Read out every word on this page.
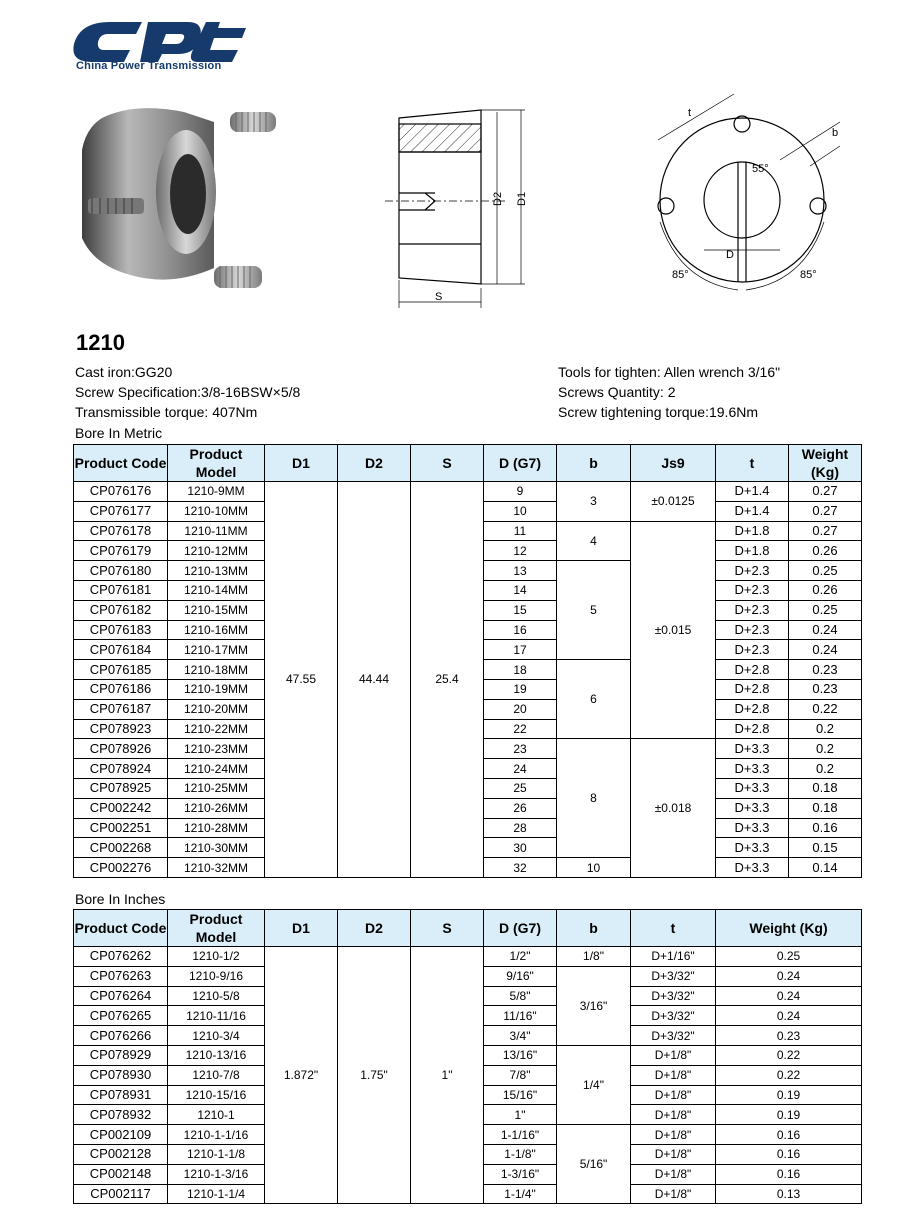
China Power Transmission
D2 D1
S
t
b
55°
D
85°	85°
1210
Cast iron:GG20
Screw Specification:3/8-16BSW×5/8
Transmissible torque: 407Nm
Tools for tighten: Allen wrench 3/16"
Screws Quantity: 2
Screw tightening torque:19.6Nm
Bore In Metric
Product Code	Product Model	D1	D2	S	D (G7)	b	Js9	t	Weight (Kg)
CP076176	1210-9MM	47.55	44.44	25.4	9	3	±0.0125	D+1.4	0.27
CP076177	1210-10MM				10			D+1.4	0.27
CP076178	1210-11MM				11	4	±0.015	D+1.8	0.27
CP076179	1210-12MM				12			D+1.8	0.26
CP076180	1210-13MM				13	5		D+2.3	0.25
CP076181	1210-14MM				14			D+2.3	0.26
CP076182	1210-15MM				15			D+2.3	0.25
CP076183	1210-16MM				16			D+2.3	0.24
CP076184	1210-17MM				17			D+2.3	0.24
CP076185	1210-18MM				18	6		D+2.8	0.23
CP076186	1210-19MM				19			D+2.8	0.23
CP076187	1210-20MM				20			D+2.8	0.22
CP078923	1210-22MM				22			D+2.8	0.2
CP078926	1210-23MM				23	8	±0.018	D+3.3	0.2
CP078924	1210-24MM				24			D+3.3	0.2
CP078925	1210-25MM				25			D+3.3	0.18
CP002242	1210-26MM				26			D+3.3	0.18
CP002251	1210-28MM				28			D+3.3	0.16
CP002268	1210-30MM				30			D+3.3	0.15
CP002276	1210-32MM				32	10		D+3.3	0.14
Bore In Inches
Product Code	Product Model	D1	D2	S	D (G7)	b	t	Weight (Kg)
CP076262	1210-1/2	1.872"	1.75"	1"	1/2"	1/8"	D+1/16"	0.25
CP076263	1210-9/16				9/16"	3/16"	D+3/32"	0.24
CP076264	1210-5/8				5/8"		D+3/32"	0.24
CP076265	1210-11/16				11/16"		D+3/32"	0.24
CP076266	1210-3/4				3/4"		D+3/32"	0.23
CP078929	1210-13/16				13/16"	1/4"	D+1/8"	0.22
CP078930	1210-7/8				7/8"		D+1/8"	0.22
CP078931	1210-15/16				15/16"		D+1/8"	0.19
CP078932	1210-1				1"		D+1/8"	0.19
CP002109	1210-1-1/16				1-1/16"	5/16"	D+1/8"	0.16
CP002128	1210-1-1/8				1-1/8"		D+1/8"	0.16
CP002148	1210-1-3/16				1-3/16"		D+1/8"	0.16
CP002117	1210-1-1/4				1-1/4"		D+1/8"	0.13
